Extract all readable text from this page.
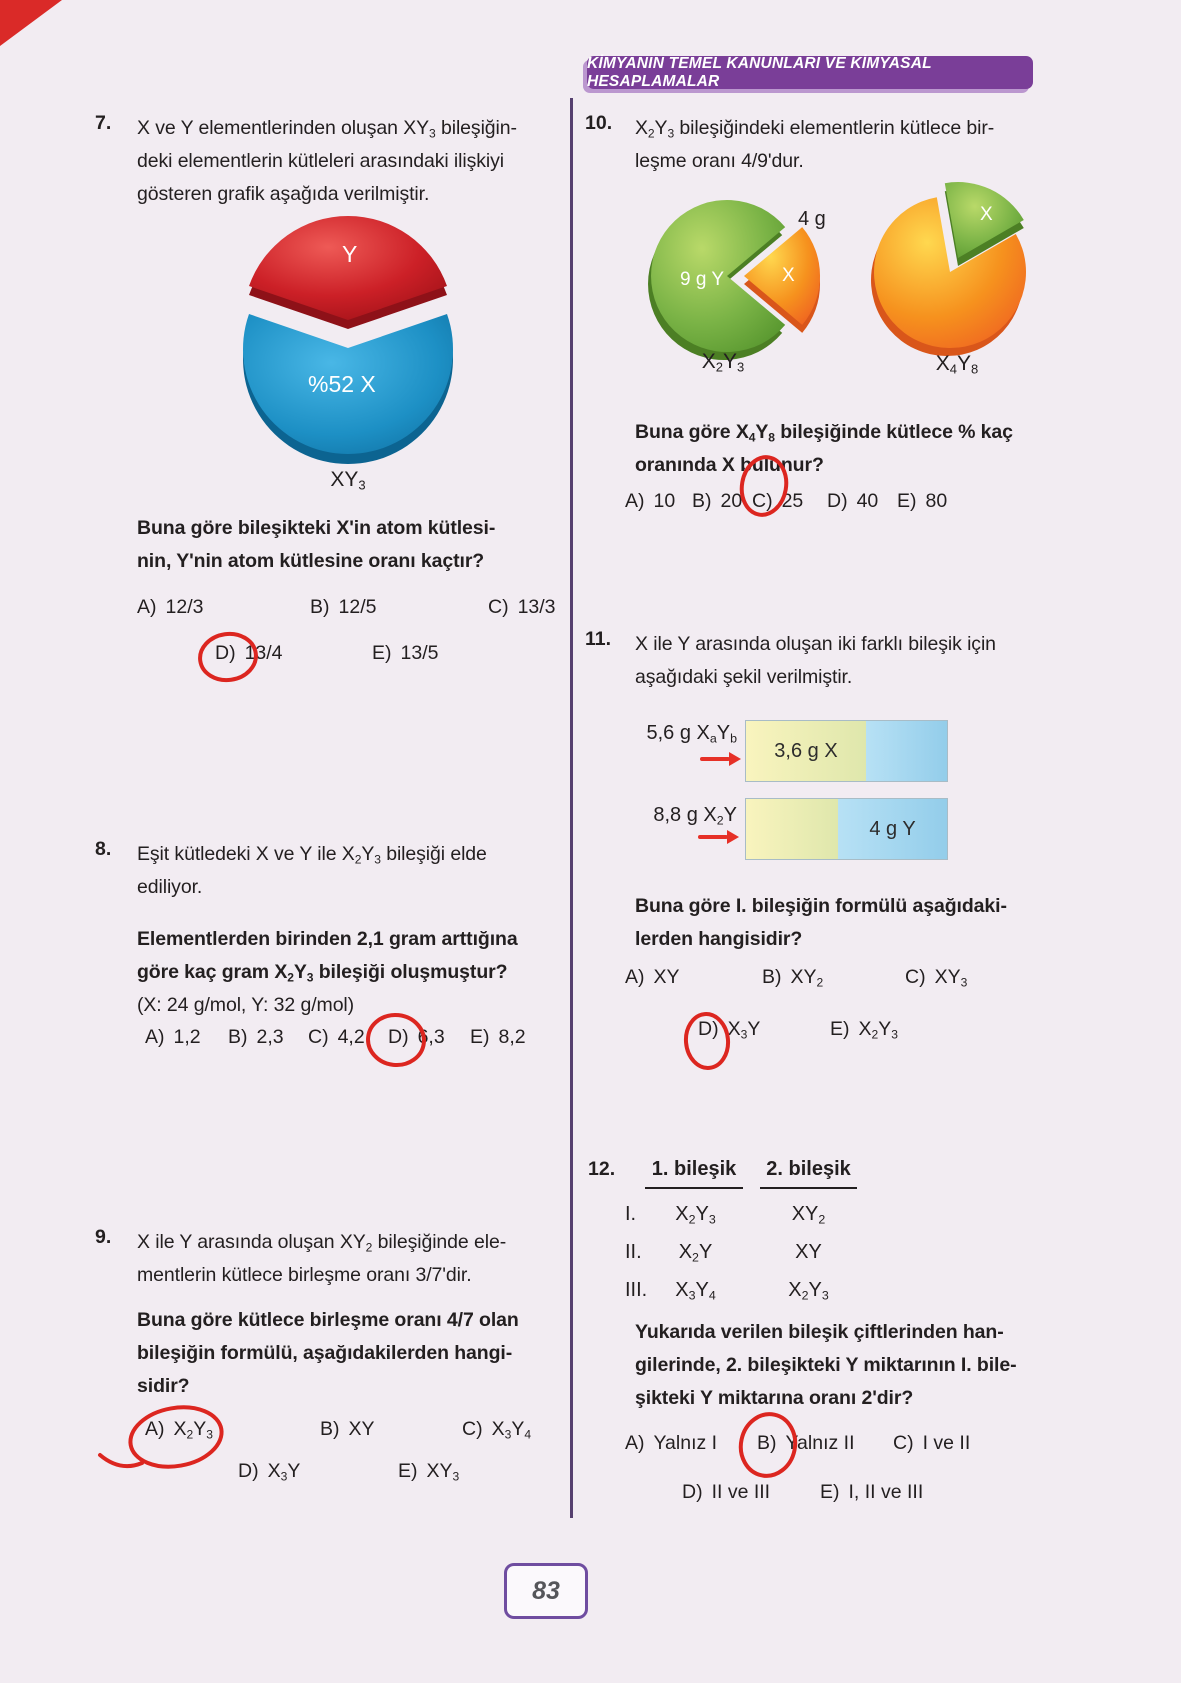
KİMYANIN TEMEL KANUNLARI VE KİMYASAL HESAPLAMALAR
7. X ve Y elementlerinden oluşan $XY_3$ bileşiğin-
deki elementlerin kütleleri arasındaki ilişkiyi
gösteren grafik aşağıda verilmiştir.
Y
%52 X
$XY_3$
Buna göre bileşikteki X'in atom kütlesi-
nin, Y'nin atom kütlesine oranı kaçtır?
A) 12/3	B) 12/5	C) 13/3
D) 13/4	E) 13/5
8. Eşit kütledeki X ve Y ile $X_2Y_3$ bileşiği elde
ediliyor.
Elementlerden birinden 2,1 gram arttığına
göre kaç gram $X_2Y_3$ bileşiği oluşmuştur?
(X: 24 g/mol, Y: 32 g/mol)
A) 1,2 B) 2,3 C) 4,2 D) 6,3 E) 8,2
9. X ile Y arasında oluşan $XY_2$ bileşiğinde ele-
mentlerin kütlece birleşme oranı 3/7'dir.
Buna göre kütlece birleşme oranı 4/7 olan
bileşiğin formülü, aşağıdakilerden hangi-
sidir?
A) $X_2Y_3$	B) XY	C) $X_3Y_4$
D) $X_3Y$	E) $XY_3$
10. $X_2Y_3$ bileşiğindeki elementlerin kütlece bir-
leşme oranı 4/9'dur.
9 g Y	X
4 g
$X_2Y_3$
X
$X_4Y_8$
Buna göre $X_4Y_8$ bileşiğinde kütlece % kaç
oranında X bulunur?
A) 10 B) 20 C) 25 D) 40 E) 80
11. X ile Y arasında oluşan iki farklı bileşik için
aşağıdaki şekil verilmiştir.
5,6 g $X_aY_b$
3,6 g X
8,8 g $X_2Y$
4 g Y
Buna göre I. bileşiğin formülü aşağıdaki-
lerden hangisidir?
A) XY	B) $XY_2$	C) $XY_3$
D) $X_3Y$	E) $X_2Y_3$
12.	1. bileşik	2. bileşik
I.	$X_2Y_3$	$XY_2$
II.	$X_2Y$	XY
III.	$X_3Y_4$	$X_2Y_3$
Yukarıda verilen bileşik çiftlerinden han-
gilerinde, 2. bileşikteki Y miktarının I. bile-
şikteki Y miktarına oranı 2'dir?
A) Yalnız I B) Yalnız II C) I ve II
D) II ve III	E) I, II ve III
83
